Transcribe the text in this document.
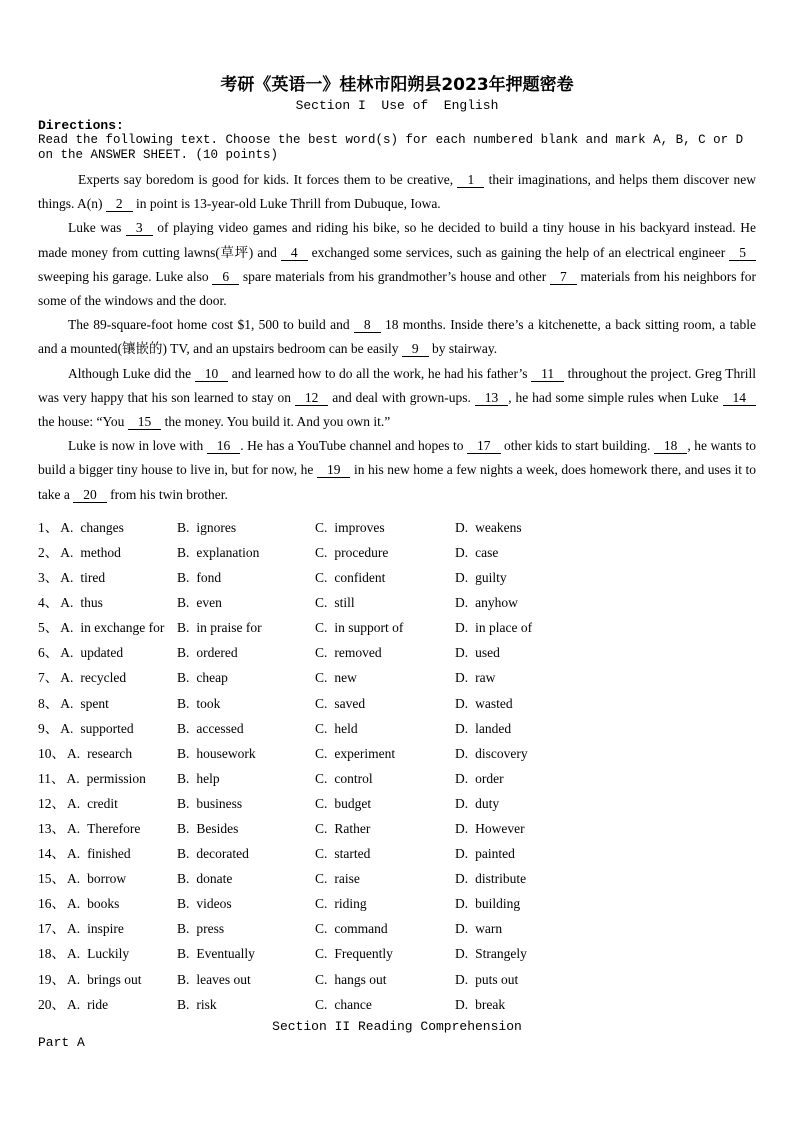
考研《英语一》桂林市阳朔县2023年押题密卷
Section I  Use of  English
Directions:
Read the following text. Choose the best word(s) for each numbered blank and mark A, B, C or D on the ANSWER SHEET. (10 points)

Experts say boredom is good for kids. It forces them to be creative, 1 their imaginations, and helps them discover new things. A(n) 2 in point is 13-year-old Luke Thrill from Dubuque, Iowa.

Luke was 3 of playing video games and riding his bike, so he decided to build a tiny house in his backyard instead. He made money from cutting lawns(草坪) and 4 exchanged some services, such as gaining the help of an electrical engineer 5 sweeping his garage. Luke also 6 spare materials from his grandmother’s house and other 7 materials from his neighbors for some of the windows and the door.

The 89-square-foot home cost $1, 500 to build and 8 18 months. Inside there’s a kitchenette, a back sitting room, a table and a mounted(镶嵌的) TV, and an upstairs bedroom can be easily 9 by stairway.

Although Luke did the 10 and learned how to do all the work, he had his father’s 11 throughout the project. Greg Thrill was very happy that his son learned to stay on 12 and deal with grown-ups. 13 , he had some simple rules when Luke 14 the house: “You 15 the money. You build it. And you own it.”

Luke is now in love with 16 . He has a YouTube channel and hopes to 17 other kids to start building. 18 , he wants to build a bigger tiny house to live in, but for now, he 19 in his new home a few nights a week, does homework there, and uses it to take a 20 from his twin brother.

1、 A. changes	B. ignores	C. improves	D. weakens
2、 A. method	B. explanation	C. procedure	D. case
3、 A. tired	B. fond	C. confident	D. guilty
4、 A. thus	B. even	C. still	D. anyhow
5、 A. in exchange for B. in praise for	C. in support of	D. in place of
6、 A. updated	B. ordered	C. removed	D. used
7、 A. recycled	B. cheap	C. new	D. raw
8、 A. spent	B. took	C. saved	D. wasted
9、 A. supported	B. accessed	C. held	D. landed
10、 A. research	B. housework	C. experiment	D. discovery
11、 A. permission	B. help	C. control	D. order
12、 A. credit	B. business	C. budget	D. duty
13、 A. Therefore	B. Besides	C. Rather	D. However
14、 A. finished	B. decorated	C. started	D. painted
15、 A. borrow	B. donate	C. raise	D. distribute
16、 A. books	B. videos	C. riding	D. building
17、 A. inspire	B. press	C. command	D. warn
18、 A. Luckily	B. Eventually	C. Frequently	D. Strangely
19、 A. brings out	B. leaves out	C. hangs out	D. puts out
20、 A. ride	B. risk	C. chance	D. break
Section II Reading Comprehension
Part A
